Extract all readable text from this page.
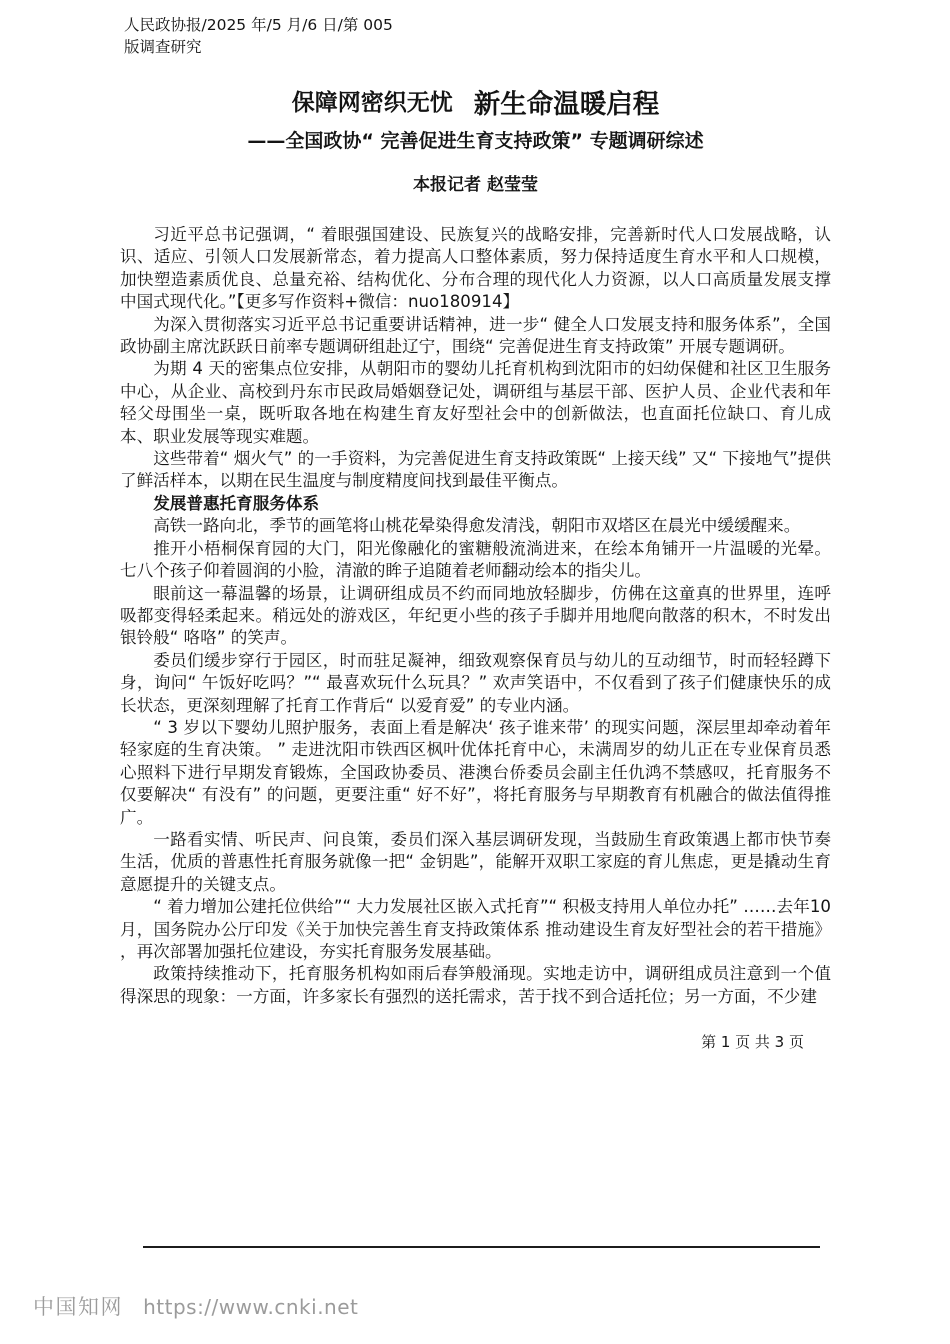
人民政协报/2025 年/5 月/6 日/第 005
版调查研究
保障网密织无忧 新生命温暖启程
——全国政协“ 完善促进生育支持政策” 专题调研综述
本报记者 赵莹莹

习近平总书记强调，“ 着眼强国建设、民族复兴的战略安排，完善新时代人口发展战略，认识、适应、引领人口发展新常态，着力提高人口整体素质，努力保持适度生育水平和人口规模，加快塑造素质优良、总量充裕、结构优化、分布合理的现代化人力资源，以人口高质量发展支撑中国式现代化。”【更多写作资料+微信：nuo180914】

为深入贯彻落实习近平总书记重要讲话精神，进一步“ 健全人口发展支持和服务体系”，全国政协副主席沈跃跃日前率专题调研组赴辽宁，围绕“ 完善促进生育支持政策” 开展专题调研。

为期 4 天的密集点位安排，从朝阳市的婴幼儿托育机构到沈阳市的妇幼保健和社区卫生服务中心，从企业、高校到丹东市民政局婚姻登记处，调研组与基层干部、医护人员、企业代表和年轻父母围坐一桌，既听取各地在构建生育友好型社会中的创新做法，也直面托位缺口、育儿成本、职业发展等现实难题。

这些带着“ 烟火气” 的一手资料，为完善促进生育支持政策既“ 上接天线” 又“ 下接地气”提供了鲜活样本，以期在民生温度与制度精度间找到最佳平衡点。

发展普惠托育服务体系

高铁一路向北，季节的画笔将山桃花晕染得愈发清浅，朝阳市双塔区在晨光中缓缓醒来。

推开小梧桐保育园的大门，阳光像融化的蜜糖般流淌进来，在绘本角铺开一片温暖的光晕。七八个孩子仰着圆润的小脸，清澈的眸子追随着老师翻动绘本的指尖儿。

眼前这一幕温馨的场景，让调研组成员不约而同地放轻脚步，仿佛在这童真的世界里，连呼吸都变得轻柔起来。稍远处的游戏区，年纪更小些的孩子手脚并用地爬向散落的积木，不时发出银铃般“ 咯咯” 的笑声。

委员们缓步穿行于园区，时而驻足凝神，细致观察保育员与幼儿的互动细节，时而轻轻蹲下身，询问“ 午饭好吃吗？”“ 最喜欢玩什么玩具？” 欢声笑语中，不仅看到了孩子们健康快乐的成长状态，更深刻理解了托育工作背后“ 以爱育爱” 的专业内涵。

“ 3 岁以下婴幼儿照护服务，表面上看是解决‘ 孩子谁来带’ 的现实问题，深层里却牵动着年轻家庭的生育决策。 ” 走进沈阳市铁西区枫叶优体托育中心，未满周岁的幼儿正在专业保育员悉心照料下进行早期发育锻炼，全国政协委员、港澳台侨委员会副主任仇鸿不禁感叹，托育服务不仅要解决“ 有没有” 的问题，更要注重“ 好不好”，将托育服务与早期教育有机融合的做法值得推广。

一路看实情、听民声、问良策，委员们深入基层调研发现，当鼓励生育政策遇上都市快节奏生活，优质的普惠性托育服务就像一把“ 金钥匙”，能解开双职工家庭的育儿焦虑，更是撬动生育意愿提升的关键支点。

“ 着力增加公建托位供给”“ 大力发展社区嵌入式托育”“ 积极支持用人单位办托” ……去年10 月，国务院办公厅印发《关于加快完善生育支持政策体系 推动建设生育友好型社会的若干措施》 ，再次部署加强托位建设，夯实托育服务发展基础。

政策持续推动下，托育服务机构如雨后春笋般涌现。实地走访中，调研组成员注意到一个值得深思的现象：一方面，许多家长有强烈的送托需求，苦于找不到合适托位；另一方面，不少建

第 1 页 共 3 页
中国知网 https://www.cnki.net
